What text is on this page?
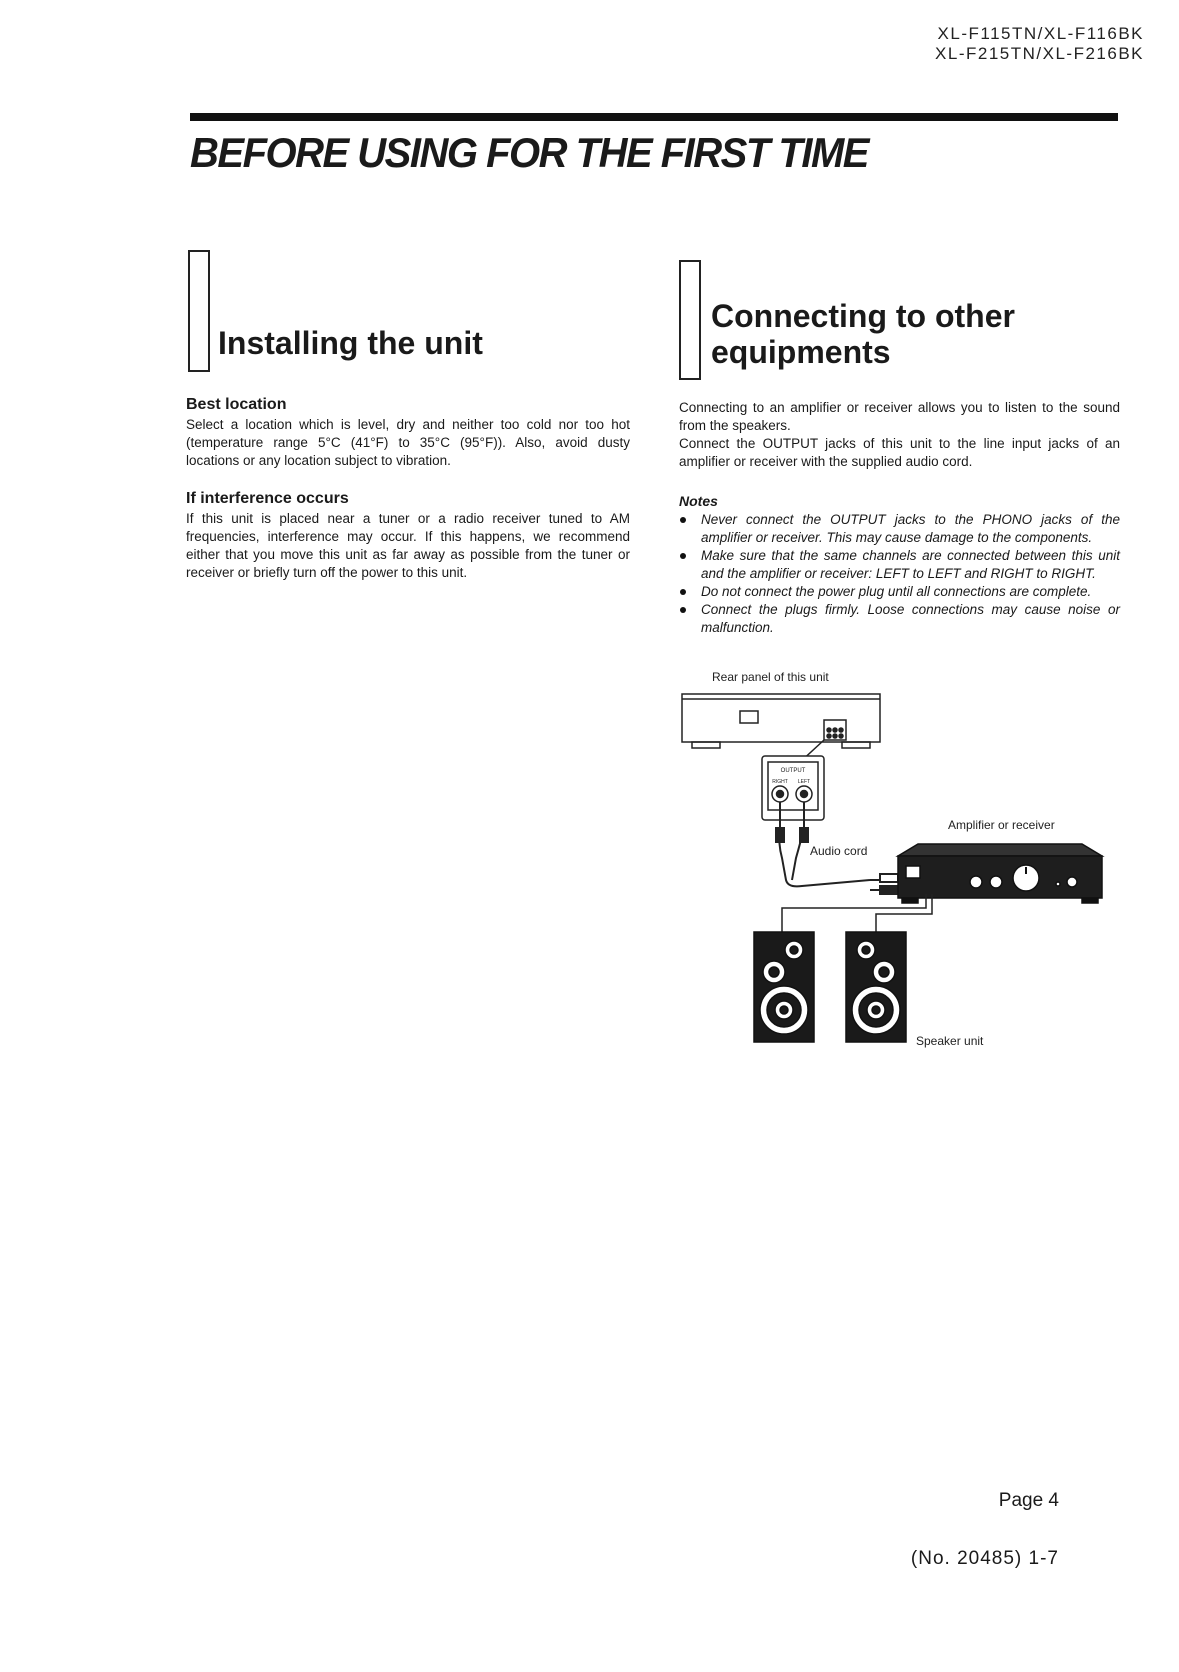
XL-F115TN/XL-F116BK
XL-F215TN/XL-F216BK
BEFORE USING FOR THE FIRST TIME
Installing the unit

Best location

Select a location which is level, dry and neither too cold nor too hot (temperature range 5°C (41°F) to 35°C (95°F)). Also, avoid dusty locations or any location subject to vibration.

If interference occurs

If this unit is placed near a tuner or a radio receiver tuned to AM frequencies, interference may occur. If this happens, we recommend either that you move this unit as far away as possible from the tuner or receiver or briefly turn off the power to this unit.

Connecting to other
equipments

Connecting to an amplifier or receiver allows you to listen to the sound from the speakers.

Connect the OUTPUT jacks of this unit to the line input jacks of an amplifier or receiver with the supplied audio cord.

Notes

Never connect the OUTPUT jacks to the PHONO jacks of the amplifier or receiver. This may cause damage to the components.
Make sure that the same channels are connected between this unit and the amplifier or receiver: LEFT to LEFT and RIGHT to RIGHT.
Do not connect the power plug until all connections are complete.
Connect the plugs firmly. Loose connections may cause noise or malfunction.
OUTPUT
RIGHT LEFT
Rear panel of this unit
Audio cord
Amplifier or receiver
Speaker unit
Page 4
(No. 20485) 1-7
